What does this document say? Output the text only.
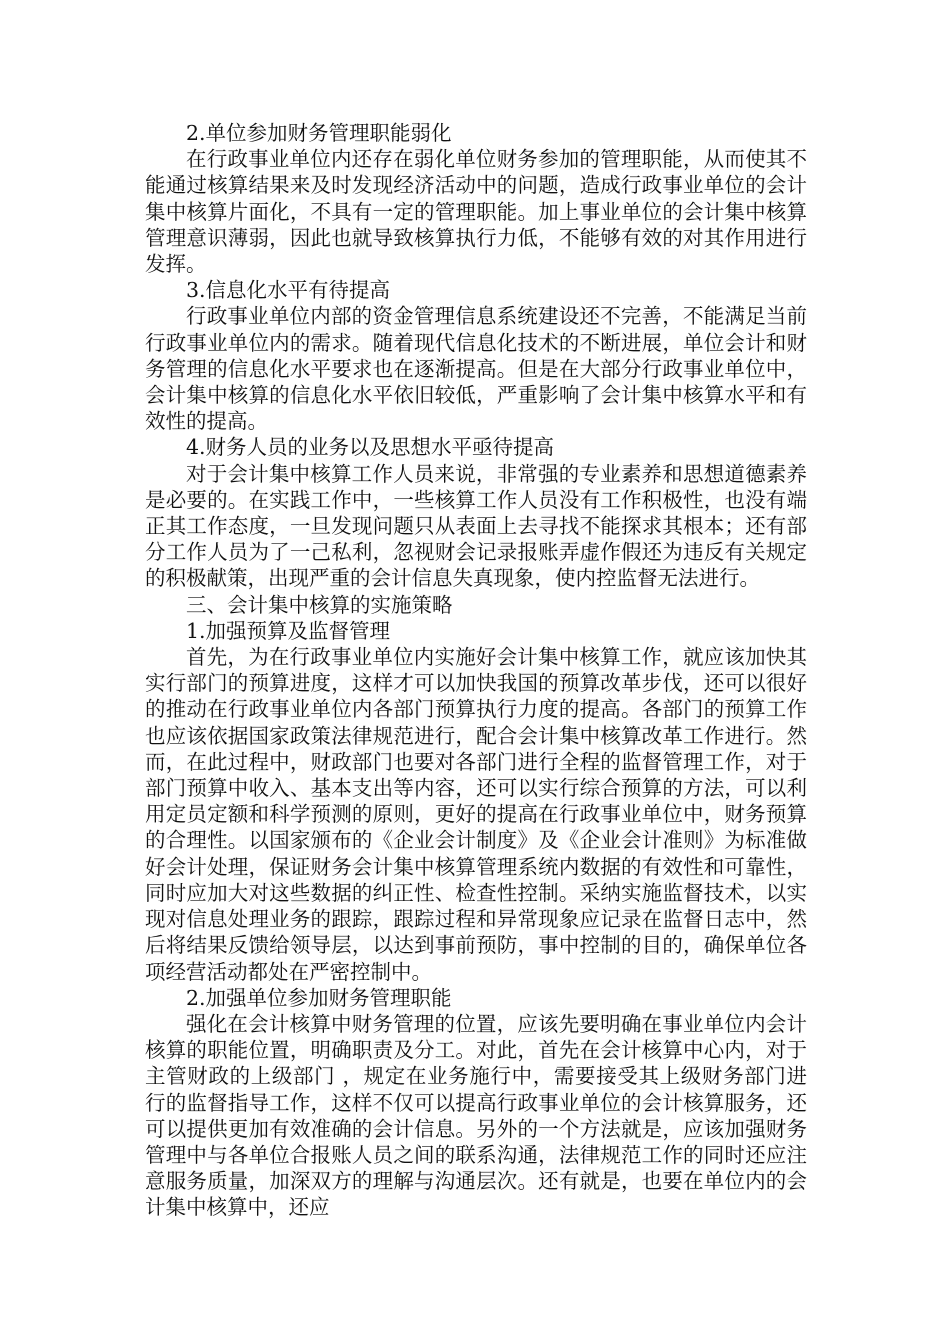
2.单位参加财务管理职能弱化

在行政事业单位内还存在弱化单位财务参加的管理职能，从而使其不能通过核算结果来及时发现经济活动中的问题，造成行政事业单位的会计集中核算片面化，不具有一定的管理职能。加上事业单位的会计集中核算管理意识薄弱，因此也就导致核算执行力低，不能够有效的对其作用进行发挥。

3.信息化水平有待提高

行政事业单位内部的资金管理信息系统建设还不完善，不能满足当前行政事业单位内的需求。随着现代信息化技术的不断进展，单位会计和财务管理的信息化水平要求也在逐渐提高。但是在大部分行政事业单位中，会计集中核算的信息化水平依旧较低，严重影响了会计集中核算水平和有效性的提高。

4.财务人员的业务以及思想水平亟待提高

对于会计集中核算工作人员来说，非常强的专业素养和思想道德素养是必要的。在实践工作中，一些核算工作人员没有工作积极性，也没有端正其工作态度，一旦发现问题只从表面上去寻找不能探求其根本；还有部分工作人员为了一己私利，忽视财会记录报账弄虚作假还为违反有关规定的积极献策，出现严重的会计信息失真现象，使内控监督无法进行。

三、会计集中核算的实施策略

1.加强预算及监督管理

首先，为在行政事业单位内实施好会计集中核算工作，就应该加快其实行部门的预算进度，这样才可以加快我国的预算改革步伐，还可以很好的推动在行政事业单位内各部门预算执行力度的提高。各部门的预算工作也应该依据国家政策法律规范进行，配合会计集中核算改革工作进行。然而，在此过程中，财政部门也要对各部门进行全程的监督管理工作，对于部门预算中收入、基本支出等内容，还可以实行综合预算的方法，可以利用定员定额和科学预测的原则，更好的提高在行政事业单位中，财务预算的合理性。以国家颁布的《企业会计制度》及《企业会计准则》为标准做好会计处理，保证财务会计集中核算管理系统内数据的有效性和可靠性，同时应加大对这些数据的纠正性、检查性控制。采纳实施监督技术，以实现对信息处理业务的跟踪，跟踪过程和异常现象应记录在监督日志中，然后将结果反馈给领导层，以达到事前预防，事中控制的目的，确保单位各项经营活动都处在严密控制中。

2.加强单位参加财务管理职能

强化在会计核算中财务管理的位置，应该先要明确在事业单位内会计核算的职能位置，明确职责及分工。对此，首先在会计核算中心内，对于主管财政的上级部门 ，规定在业务施行中，需要接受其上级财务部门进行的监督指导工作，这样不仅可以提高行政事业单位的会计核算服务，还可以提供更加有效准确的会计信息。另外的一个方法就是，应该加强财务管理中与各单位合报账人员之间的联系沟通，法律规范工作的同时还应注意服务质量，加深双方的理解与沟通层次。还有就是，也要在单位内的会计集中核算中，还应
